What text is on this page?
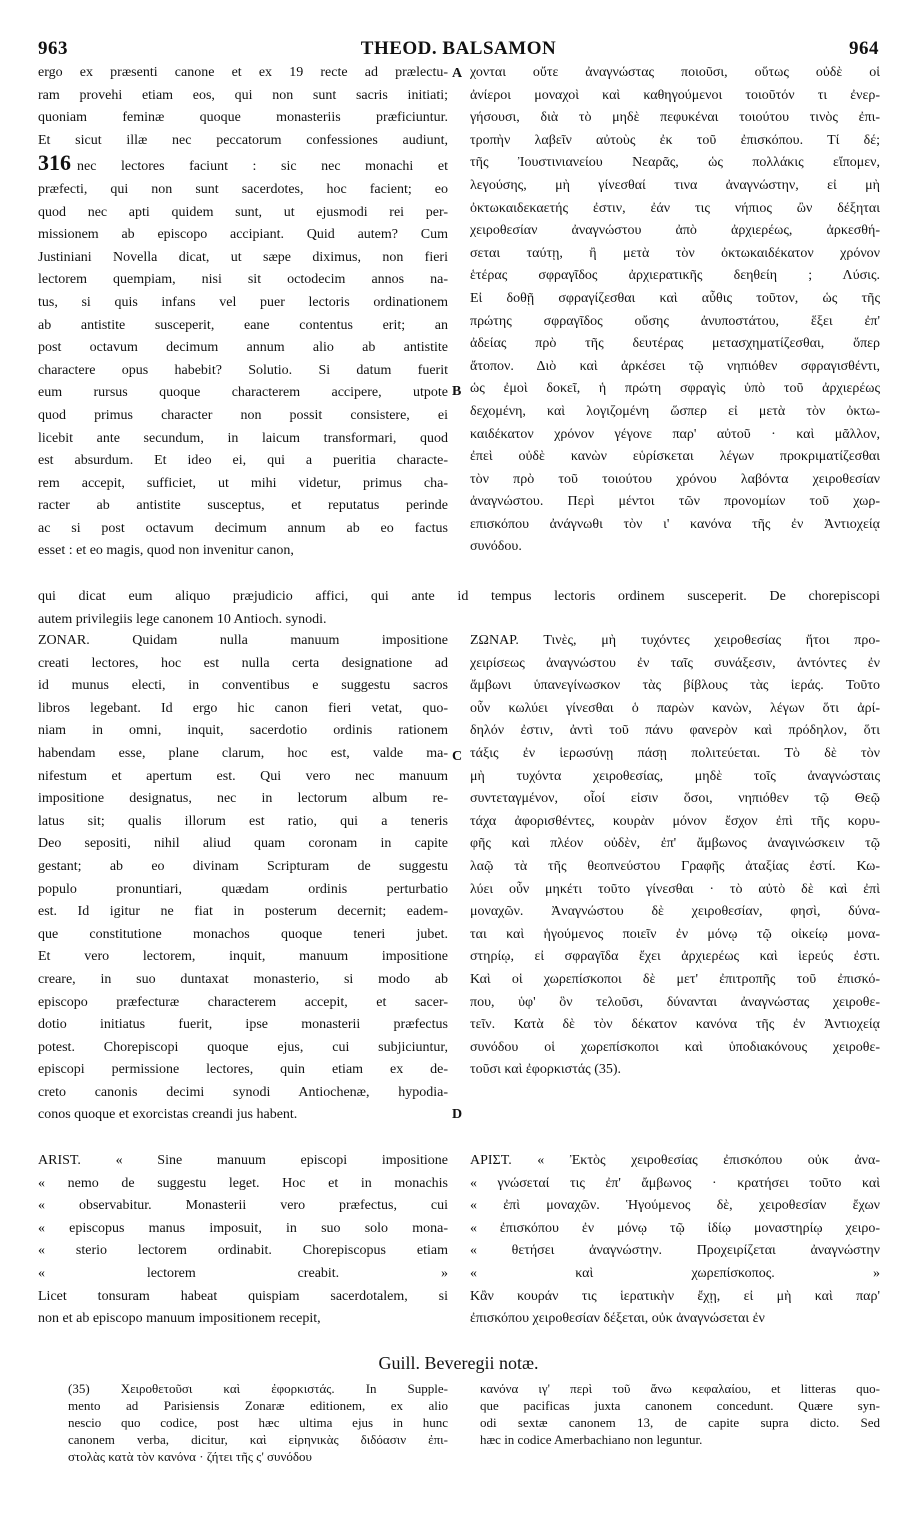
963	THEOD. BALSAMON	964
A
B
C
D
ergo ex præsenti canone et ex 19 recte ad prælectu-
ram provehi etiam eos, qui non sunt sacris initiati;
quoniam feminæ quoque monasteriis præficiuntur.
Et sicut illæ nec peccatorum confessiones audiunt,
316 nec lectores faciunt : sic nec monachi et
præfecti, qui non sunt sacerdotes, hoc facient; eo
quod nec apti quidem sunt, ut ejusmodi rei per-
missionem ab episcopo accipiant. Quid autem? Cum
Justiniani Novella dicat, ut sæpe diximus, non fieri
lectorem quempiam, nisi sit octodecim annos na-
tus, si quis infans vel puer lectoris ordinationem
ab antistite susceperit, eane contentus erit; an
post octavum decimum annum alio ab antistite
charactere opus habebit? Solutio. Si datum fuerit
eum rursus quoque characterem accipere, utpote
quod primus character non possit consistere, ei
licebit ante secundum, in laicum transformari, quod
est absurdum. Et ideo ei, qui a pueritia characte-
rem accepit, sufficiet, ut mihi videtur, primus cha-
racter ab antistite susceptus, et reputatus perinde
ac si post octavum decimum annum ab eo factus
esset : et eo magis, quod non invenitur canon,
χονται οὔτε ἀναγνώστας ποιοῦσι, οὕτως οὐδὲ οἱ
ἀνίεροι μοναχοὶ καὶ καθηγούμενοι τοιοῦτόν τι ἐνερ-
γήσουσι, διὰ τὸ μηδὲ πεφυκέναι τοιούτου τινὸς ἐπι-
τροπὴν λαβεῖν αὐτοὺς ἐκ τοῦ ἐπισκόπου. Τί δέ;
τῆς Ἰουστινιανείου Νεαρᾶς, ὡς πολλάκις εἴπομεν,
λεγούσης, μὴ γίνεσθαί τινα ἀναγνώστην, εἰ μὴ
ὀκτωκαιδεκαετής ἐστιν, ἐάν τις νήπιος ὢν δέξηται
χειροθεσίαν ἀναγνώστου ἀπὸ ἀρχιερέως, ἀρκεσθή-
σεται ταύτῃ, ἢ μετὰ τὸν ὀκτωκαιδέκατον χρόνον
ἑτέρας σφραγῖδος ἀρχιερατικῆς δεηθείη ; Λύσις.
Εἰ δοθῇ σφραγίζεσθαι καὶ αὖθις τοῦτον, ὡς τῆς
πρώτης σφραγῖδος οὔσης ἀνυποστάτου, ἕξει ἐπ'
ἀδείας πρὸ τῆς δευτέρας μετασχηματίζεσθαι, ὅπερ
ἄτοπον. Διὸ καὶ ἀρκέσει τῷ νηπιόθεν σφραγισθέντι,
ὡς ἐμοὶ δοκεῖ, ἡ πρώτη σφραγὶς ὑπὸ τοῦ ἀρχιερέως
δεχομένη, καὶ λογιζομένη ὥσπερ εἰ μετὰ τὸν ὀκτω-
καιδέκατον χρόνον γέγονε παρ' αὐτοῦ · καὶ μᾶλλον,
ἐπεὶ οὐδὲ κανὼν εὑρίσκεται λέγων προκριματίζεσθαι
τὸν πρὸ τοῦ τοιούτου χρόνου λαβόντα χειροθεσίαν
ἀναγνώστου. Περὶ μέντοι τῶν προνομίων τοῦ χωρ-
επισκόπου ἀνάγνωθι τὸν ι' κανόνα τῆς ἐν Ἀντιοχείᾳ
συνόδου.
qui dicat eum aliquo præjudicio affici, qui ante id tempus lectoris ordinem susceperit. De chorepiscopi
autem privilegiis lege canonem 10 Antioch. synodi.
ZONAR. Quidam nulla manuum impositione
creati lectores, hoc est nulla certa designatione ad
id munus electi, in conventibus e suggestu sacros
libros legebant. Id ergo hic canon fieri vetat, quo-
niam in omni, inquit, sacerdotio ordinis rationem
habendam esse, plane clarum, hoc est, valde ma-
nifestum et apertum est. Qui vero nec manuum
impositione designatus, nec in lectorum album re-
latus sit; qualis illorum est ratio, qui a teneris
Deo sepositi, nihil aliud quam coronam in capite
gestant; ab eo divinam Scripturam de suggestu
populo pronuntiari, quædam ordinis perturbatio
est. Id igitur ne fiat in posterum decernit; eadem-
que constitutione monachos quoque teneri jubet.
Et vero lectorem, inquit, manuum impositione
creare, in suo duntaxat monasterio, si modo ab
episcopo præfecturæ characterem accepit, et sacer-
dotio initiatus fuerit, ipse monasterii præfectus
potest. Chorepiscopi quoque ejus, cui subjiciuntur,
episcopi permissione lectores, quin etiam ex de-
creto canonis decimi synodi Antiochenæ, hypodia-
conos quoque et exorcistas creandi jus habent.
ΖΩΝΑΡ. Τινὲς, μὴ τυχόντες χειροθεσίας ἤτοι προ-
χειρίσεως ἀναγνώστου ἐν ταῖς συνάξεσιν, ἀντόντες ἐν
ἄμβωνι ὑπανεγίνωσκον τὰς βίβλους τὰς ἱεράς. Τοῦτο
οὖν κωλύει γίνεσθαι ὁ παρὼν κανὼν, λέγων ὅτι ἀρί-
δηλόν ἐστιν, ἀντὶ τοῦ πάνυ φανερὸν καὶ πρόδηλον, ὅτι
τάξις ἐν ἱερωσύνῃ πάσῃ πολιτεύεται. Τὸ δὲ τὸν
μὴ τυχόντα χειροθεσίας, μηδὲ τοῖς ἀναγνώσταις
συντεταγμένον, οἷοί εἰσιν ὅσοι, νηπιόθεν τῷ Θεῷ
τάχα ἀφορισθέντες, κουρὰν μόνον ἔσχον ἐπὶ τῆς κορυ-
φῆς καὶ πλέον οὐδὲν, ἐπ' ἄμβωνος ἀναγινώσκειν τῷ
λαῷ τὰ τῆς θεοπνεύστου Γραφῆς ἀταξίας ἐστί. Κω-
λύει οὖν μηκέτι τοῦτο γίνεσθαι · τὸ αὐτὸ δὲ καὶ ἐπὶ
μοναχῶν. Ἀναγνώστου δὲ χειροθεσίαν, φησὶ, δύνα-
ται καὶ ἡγούμενος ποιεῖν ἐν μόνῳ τῷ οἰκείῳ μονα-
στηρίῳ, εἰ σφραγῖδα ἔχει ἀρχιερέως καὶ ἱερεύς ἐστι.
Καὶ οἱ χωρεπίσκοποι δὲ μετ' ἐπιτροπῆς τοῦ ἐπισκό-
που, ὑφ' ὃν τελοῦσι, δύνανται ἀναγνώστας χειροθε-
τεῖν. Κατὰ δὲ τὸν δέκατον κανόνα τῆς ἐν Ἀντιοχείᾳ
συνόδου οἱ χωρεπίσκοποι καὶ ὑποδιακόνους χειροθε-
τοῦσι καὶ ἐφορκιστάς (35).
ARIST. « Sine manuum episcopi impositione
« nemo de suggestu leget. Hoc et in monachis
« observabitur. Monasterii vero præfectus, cui
« episcopus manus imposuit, in suo solo mona-
« sterio lectorem ordinabit. Chorepiscopus etiam
« lectorem creabit. »
Licet tonsuram habeat quispiam sacerdotalem, si
non et ab episcopo manuum impositionem recepit,
ΑΡΙΣΤ. « Ἐκτὸς χειροθεσίας ἐπισκόπου οὐκ ἀνα-
« γνώσεταί τις ἐπ' ἄμβωνος · κρατήσει τοῦτο καὶ
« ἐπὶ μοναχῶν. Ἡγούμενος δὲ, χειροθεσίαν ἔχων
« ἐπισκόπου ἐν μόνῳ τῷ ἰδίῳ μοναστηρίῳ χειρο-
« θετήσει ἀναγνώστην. Προχειρίζεται ἀναγνώστην
« καὶ χωρεπίσκοπος. »
Κἂν κουράν τις ἱερατικὴν ἔχῃ, εἰ μὴ καὶ παρ'
ἐπισκόπου χειροθεσίαν δέξεται, οὐκ ἀναγνώσεται ἐν
Guill. Beveregii notæ.
(35) Χειροθετοῦσι καὶ ἐφορκιστάς. In Supple-
mento ad Parisiensis Zonaræ editionem, ex alio
nescio quo codice, post hæc ultima ejus in hunc
canonem verba, dicitur, καὶ εἰρηνικὰς διδόασιν ἐπι-
στολὰς κατὰ τὸν κανόνα · ζήτει τῆς ς' συνόδου
κανόνα ιγ' περὶ τοῦ ἄνω κεφαλαίου, et litteras quo-
que pacificas juxta canonem concedunt. Quære syn-
odi sextæ canonem 13, de capite supra dicto. Sed
hæc in codice Amerbachiano non leguntur.
